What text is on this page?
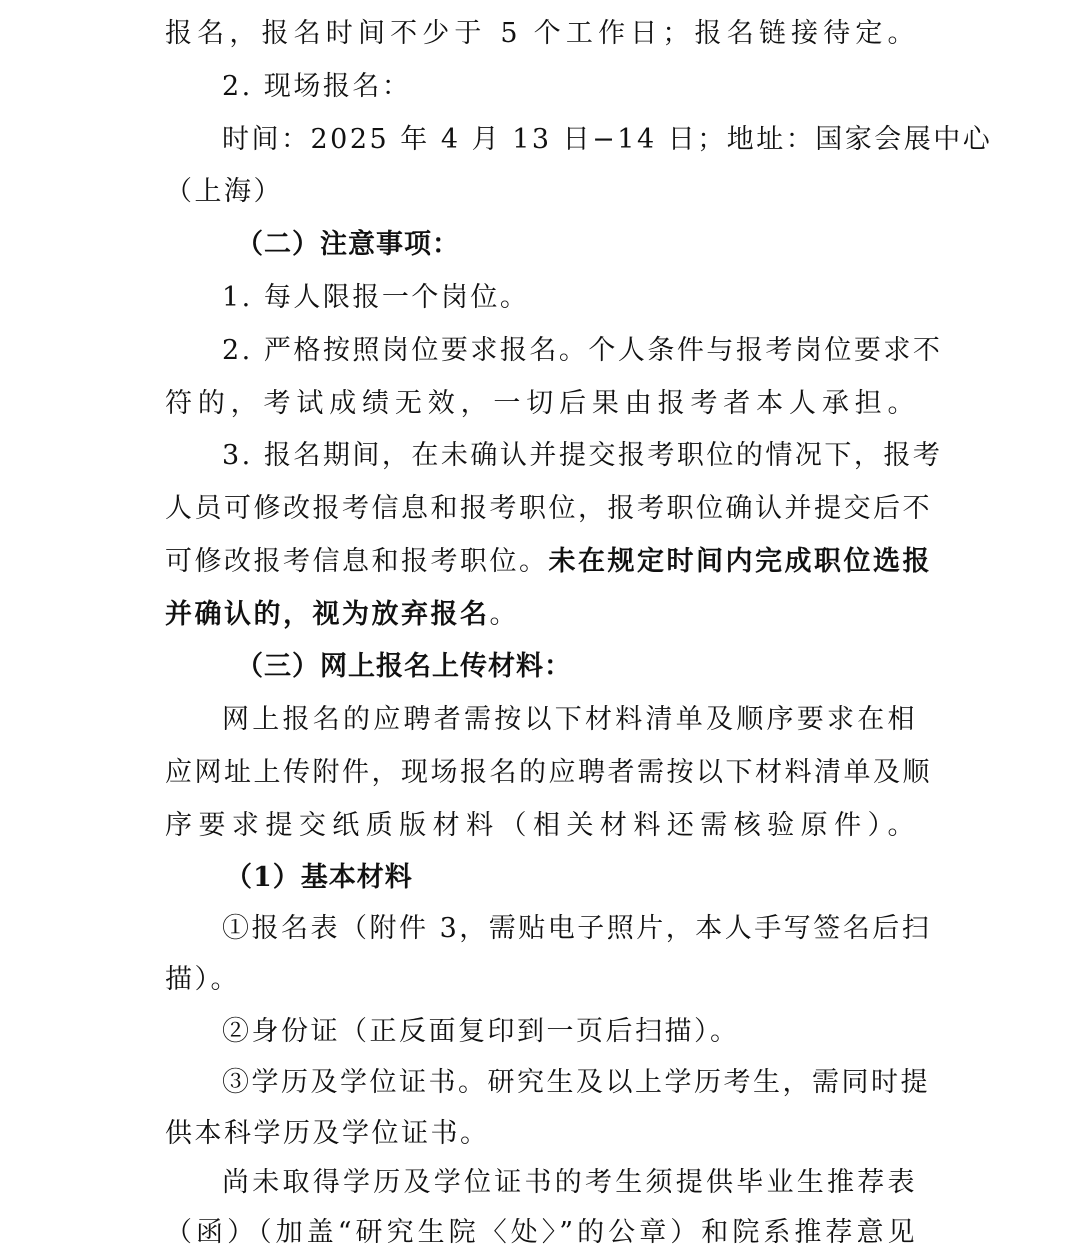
报名，报名时间不少于 5 个工作日；报名链接待定。
2. 现场报名：
时间：2025 年 4 月 13 日−14 日；地址：国家会展中心
（上海）
（二）注意事项：
1. 每人限报一个岗位。
2. 严格按照岗位要求报名。个人条件与报考岗位要求不
符的，考试成绩无效，一切后果由报考者本人承担。
3. 报名期间，在未确认并提交报考职位的情况下，报考
人员可修改报考信息和报考职位，报考职位确认并提交后不
可修改报考信息和报考职位。未在规定时间内完成职位选报
并确认的，视为放弃报名。
（三）网上报名上传材料：
网上报名的应聘者需按以下材料清单及顺序要求在相
应网址上传附件，现场报名的应聘者需按以下材料清单及顺
序要求提交纸质版材料（相关材料还需核验原件）。
（1）基本材料
①报名表（附件 3，需贴电子照片，本人手写签名后扫
描）。
②身份证（正反面复印到一页后扫描）。
③学历及学位证书。研究生及以上学历考生，需同时提
供本科学历及学位证书。
尚未取得学历及学位证书的考生须提供毕业生推荐表
（函）（加盖“研究生院〈处〉”的公章）和院系推荐意见
